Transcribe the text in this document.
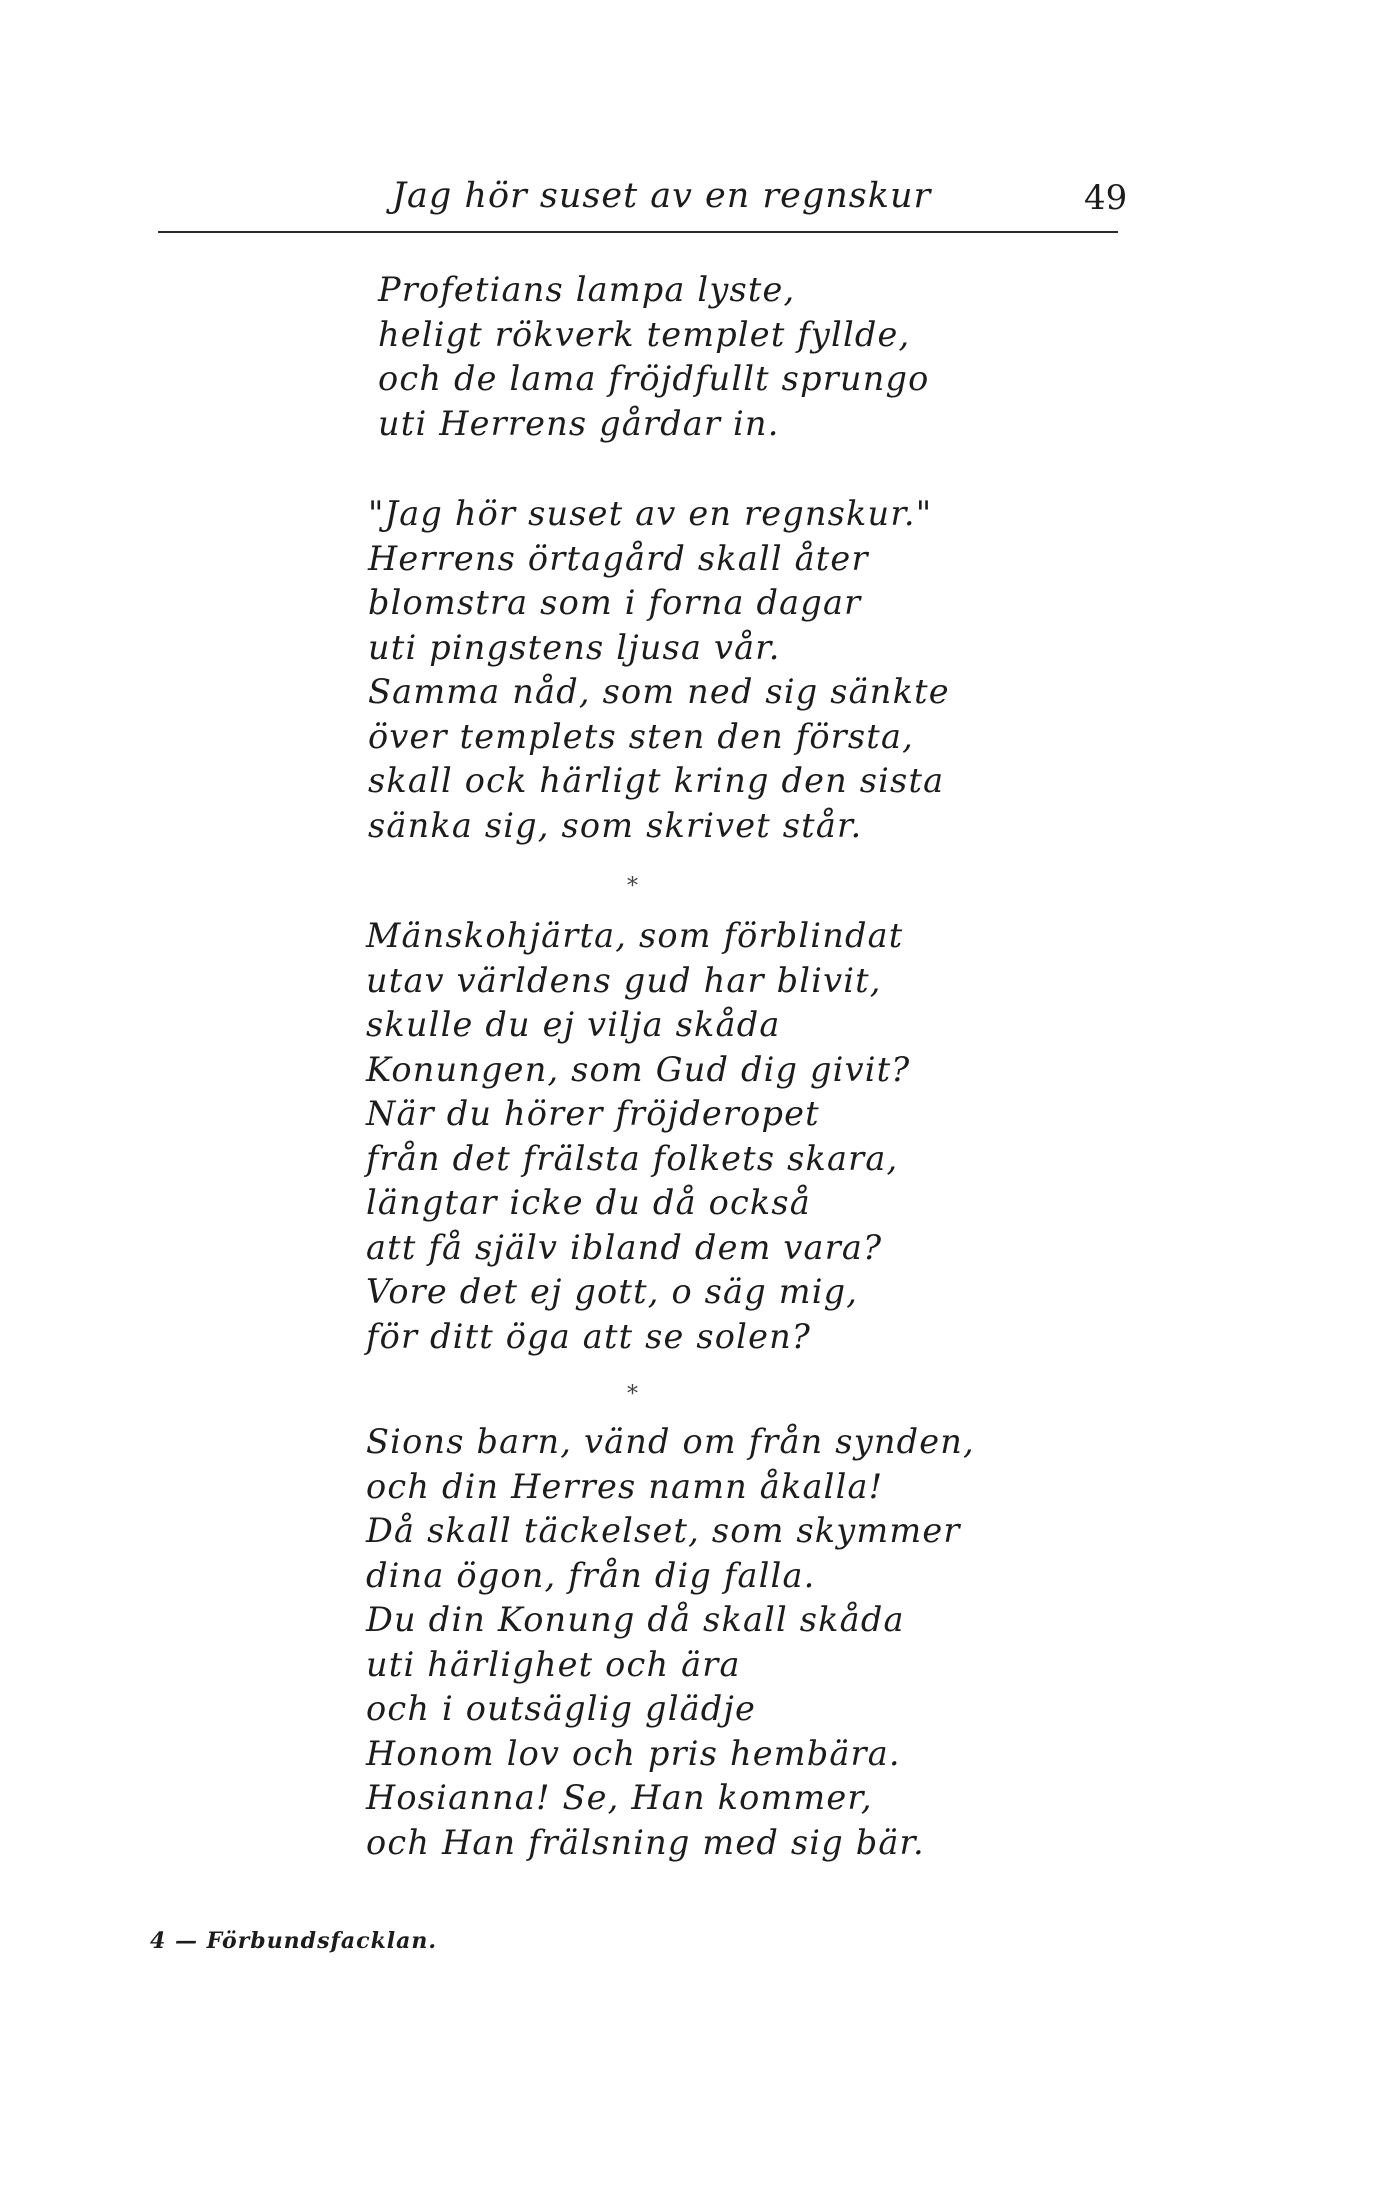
Jag hör suset av en regnskur	49
Profetians lampa lyste,
heligt rökverk templet fyllde,
och de lama fröjdfullt sprungo
uti Herrens gårdar in.
"Jag hör suset av en regnskur."
Herrens örtagård skall åter
blomstra som i forna dagar
uti pingstens ljusa vår.
Samma nåd, som ned sig sänkte
över templets sten den första,
skall ock härligt kring den sista
sänka sig, som skrivet står.
*
Mänskohjärta, som förblindat
utav världens gud har blivit,
skulle du ej vilja skåda
Konungen, som Gud dig givit?
När du hörer fröjderopet
från det frälsta folkets skara,
längtar icke du då också
att få själv ibland dem vara?
Vore det ej gott, o säg mig,
för ditt öga att se solen?
*
Sions barn, vänd om från synden,
och din Herres namn åkalla!
Då skall täckelset, som skymmer
dina ögon, från dig falla.
Du din Konung då skall skåda
uti härlighet och ära
och i outsäglig glädje
Honom lov och pris hembära.
Hosianna! Se, Han kommer,
och Han frälsning med sig bär.
4 — Förbundsfacklan.
